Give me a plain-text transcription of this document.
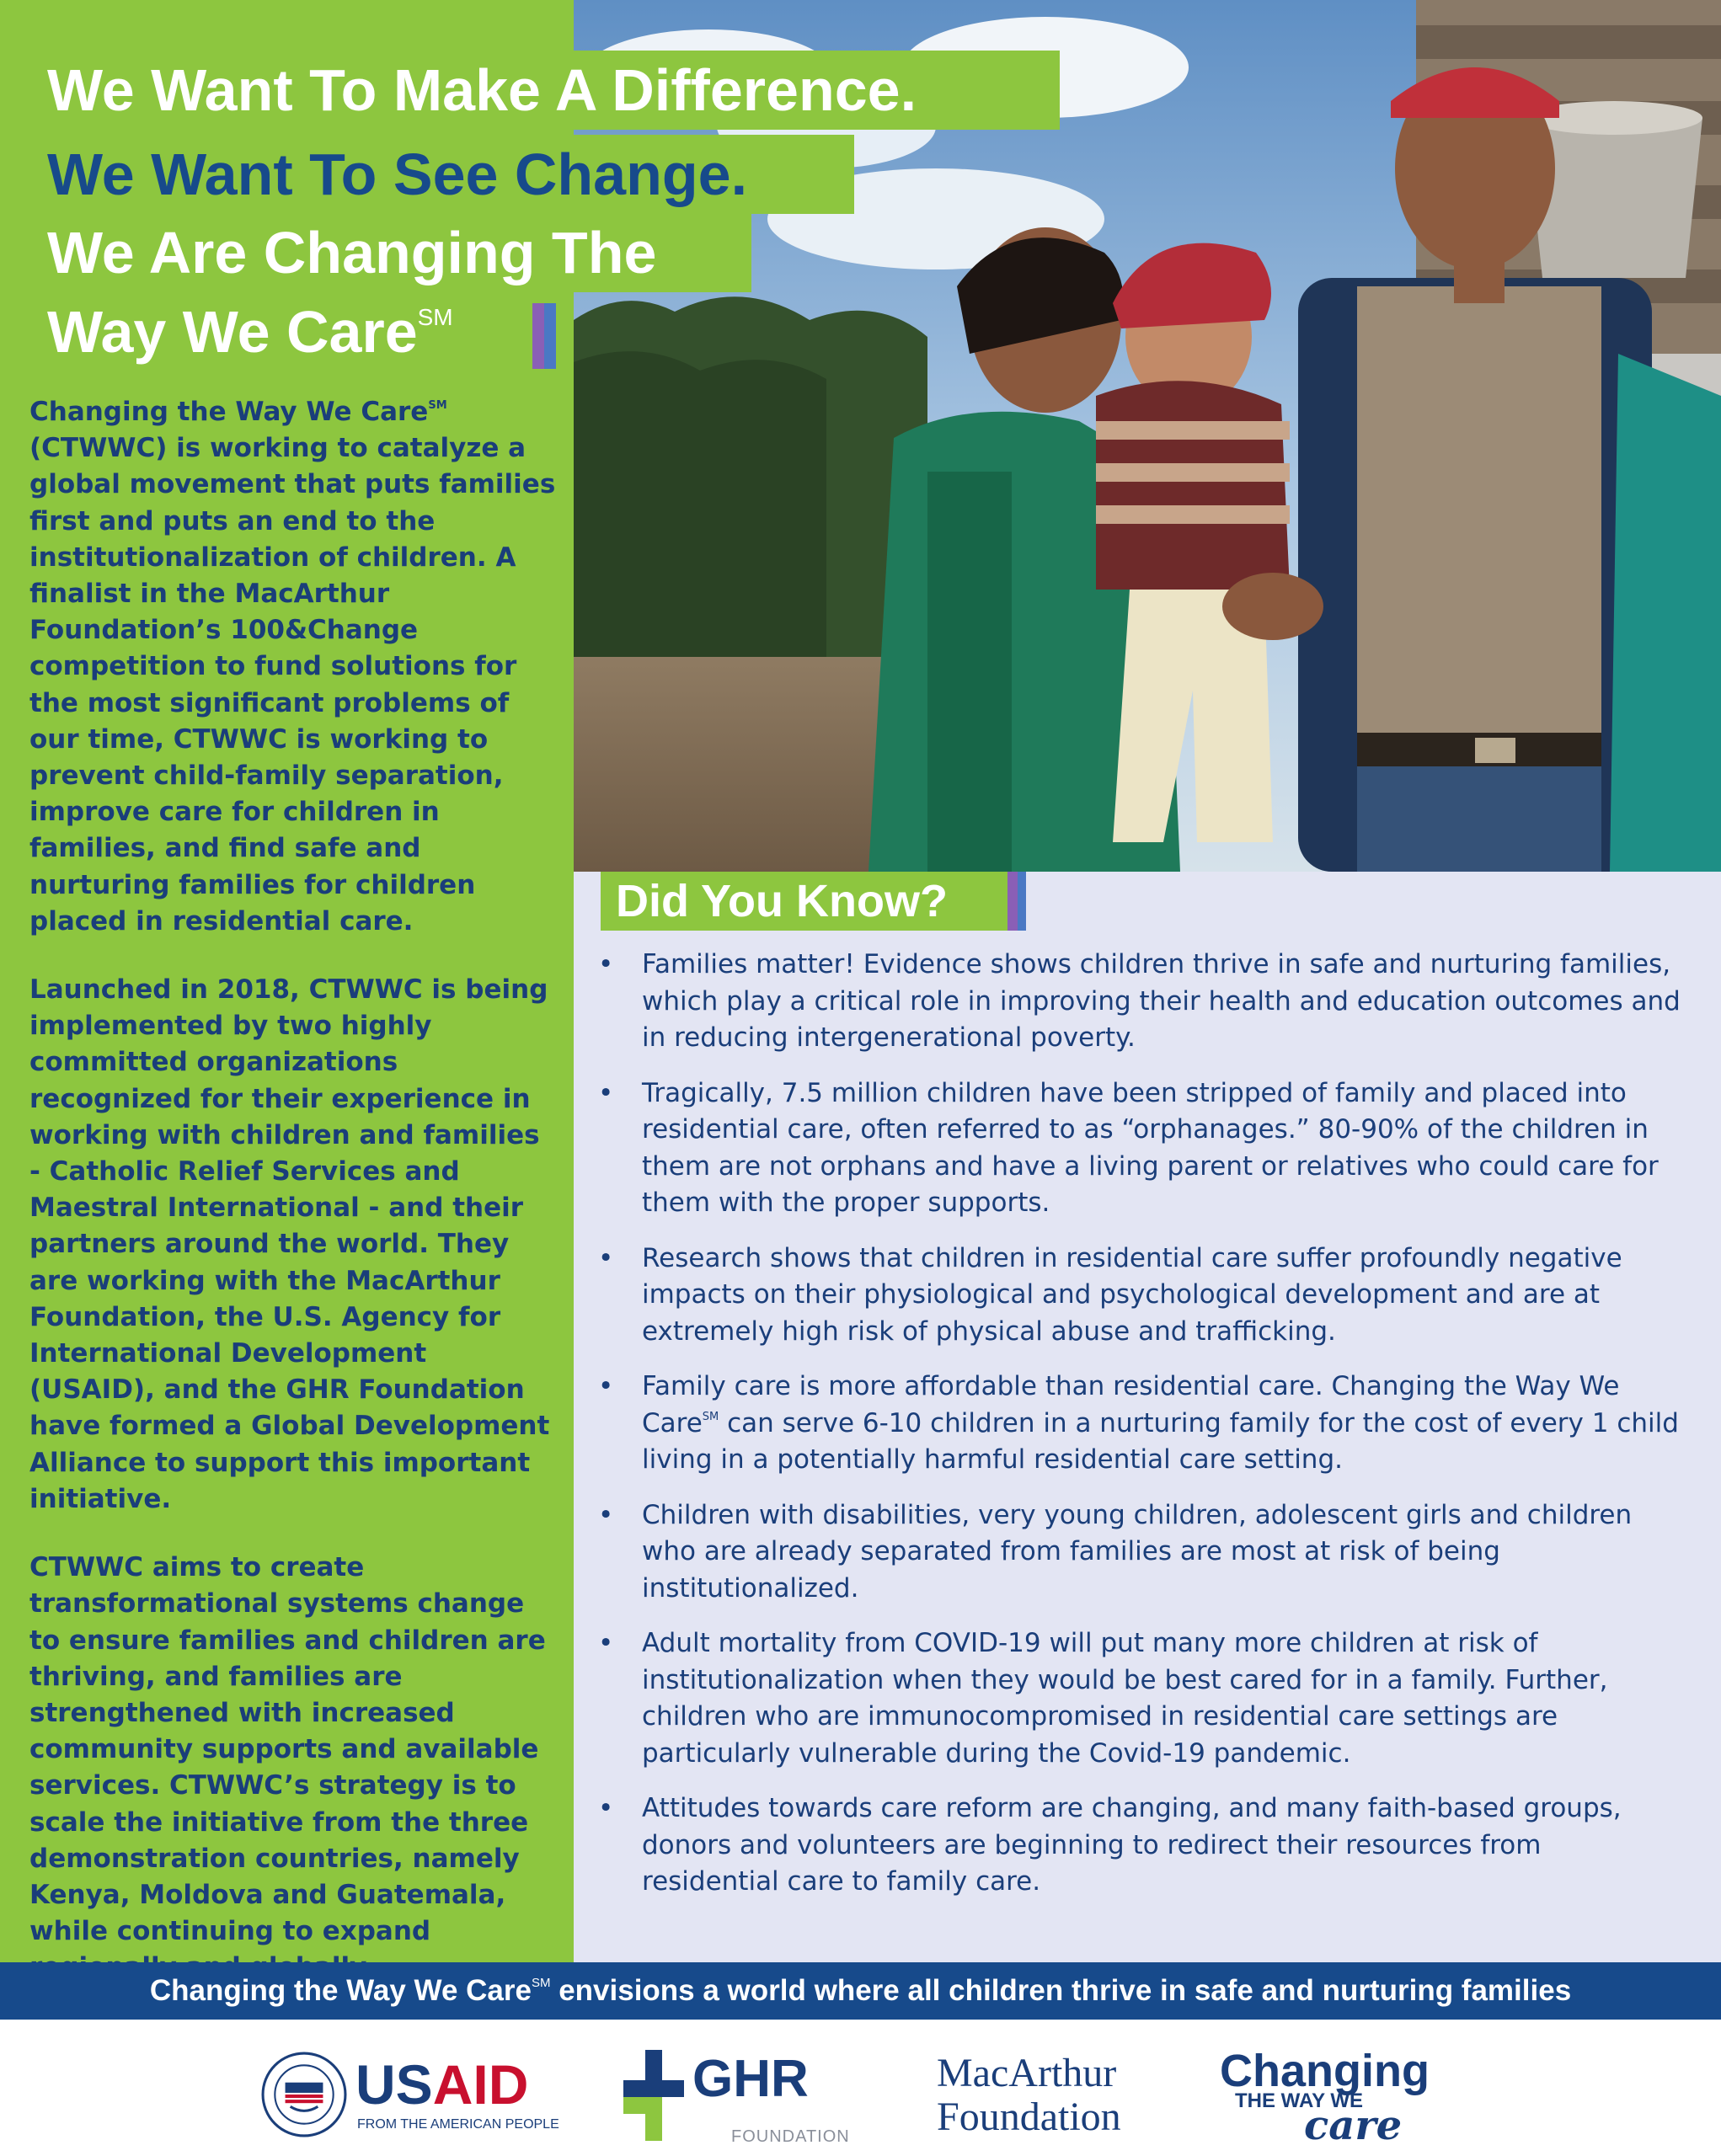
Changing the Way We Care℠ (CTWWC) is working to catalyze a global movement that puts families first and puts an end to the institutionalization of children. A finalist in the MacArthur Foundation’s 100&Change competition to fund solutions for the most significant problems of our time, CTWWC is working to prevent child-family separation, improve care for children in families, and find safe and nurturing families for children placed in residential care.

Launched in 2018, CTWWC is being implemented by two highly committed organizations recognized for their experience in working with children and families - Catholic Relief Services and Maestral International - and their partners around the world. They are working with the MacArthur Foundation, the U.S. Agency for International Development (USAID), and the GHR Foundation have formed a Global Development Alliance to support this important initiative.

CTWWC aims to create transformational systems change to ensure families and children are thriving, and families are strengthened with increased community supports and available services. CTWWC’s strategy is to scale the initiative from the three demonstration countries, namely Kenya, Moldova and Guatemala, while continuing to expand

We Want To Make A Difference.
We Want To See Change.
We Are Changing The
Way We Care℠
Did You Know?
•	Families matter! Evidence shows children thrive in safe and nurturing families, which play a critical role in improving their health and education outcomes and in reducing intergenerational poverty.
•	Tragically, 7.5 million children have been stripped of family and placed into residential care, often referred to as “orphanages.” 80-90% of the children in them are not orphans and have a living parent or relatives who could care for them with the proper supports.
•	Research shows that children in residential care suffer profoundly negative impacts on their physiological and psychological development and are at extremely high risk of physical abuse and trafficking.
•	Family care is more affordable than residential care. Changing the Way We Care℠ can serve 6-10 children in a nurturing family for the cost of every 1 child living in a potentially harmful residential care setting.
•	Children with disabilities, very young children, adolescent girls and children who are already separated from families are most at risk of being institutionalized.
•	Adult mortality from COVID-19 will put many more children at risk of institutionalization when they would be best cared for in a family. Further, children who are immunocompromised in residential care settings are particularly vulnerable during the Covid-19 pandemic.
•	Attitudes towards care reform are changing, and many faith-based groups, donors and volunteers are beginning to redirect their resources from residential care to family care.
Changing the Way We Care℠ envisions a world where all children thrive in safe and nurturing families
USAID
FROM THE AMERICAN PEOPLE
GHR
FOUNDATION
MacArthur
Foundation
Changing
THE WAY WE
care
